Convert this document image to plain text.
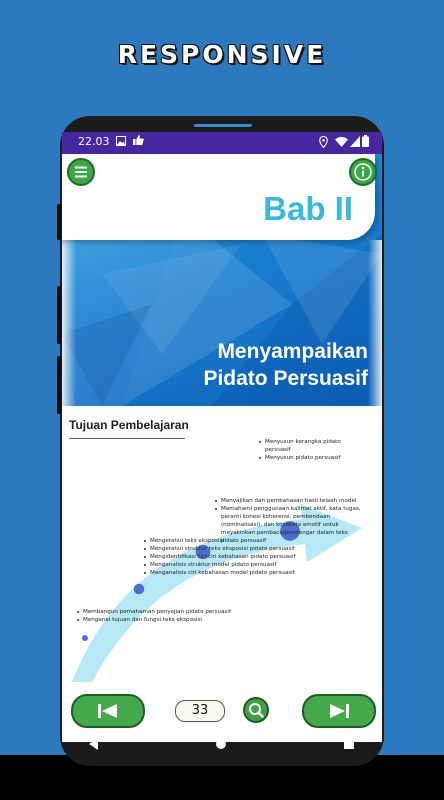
RESPONSIVE
22.03
Bab II
Menyampaikan
Pidato Persuasif
Tujuan Pembelajaran
Membangun pemahaman penyajian pidato persuasif
Mengenal tujuan dan fungsi teks eksposisi
Mengetahui teks eksposisi
Mengetahui struktur teks eksposisi pidato persuasif
Mengidentifikasi ciri-ciri kebahasan pidato persuasif
Menganalisis struktur model pidato persuasif
Menganalisis ciri kebahasan model pidato persuasif
Menyajikan dan pembahasan hasil telaah model
Memahami penggunaan kalimat aktif, kata tugas, peranti kohesi koherensi, pembendaan (nominalisasi), dan kosakata emotif untuk meyakinkan pembaca/pendengar dalam teks pidato persuasif
Menyusun kerangka pidato persuasif
Menyusun pidato persuasif
33
